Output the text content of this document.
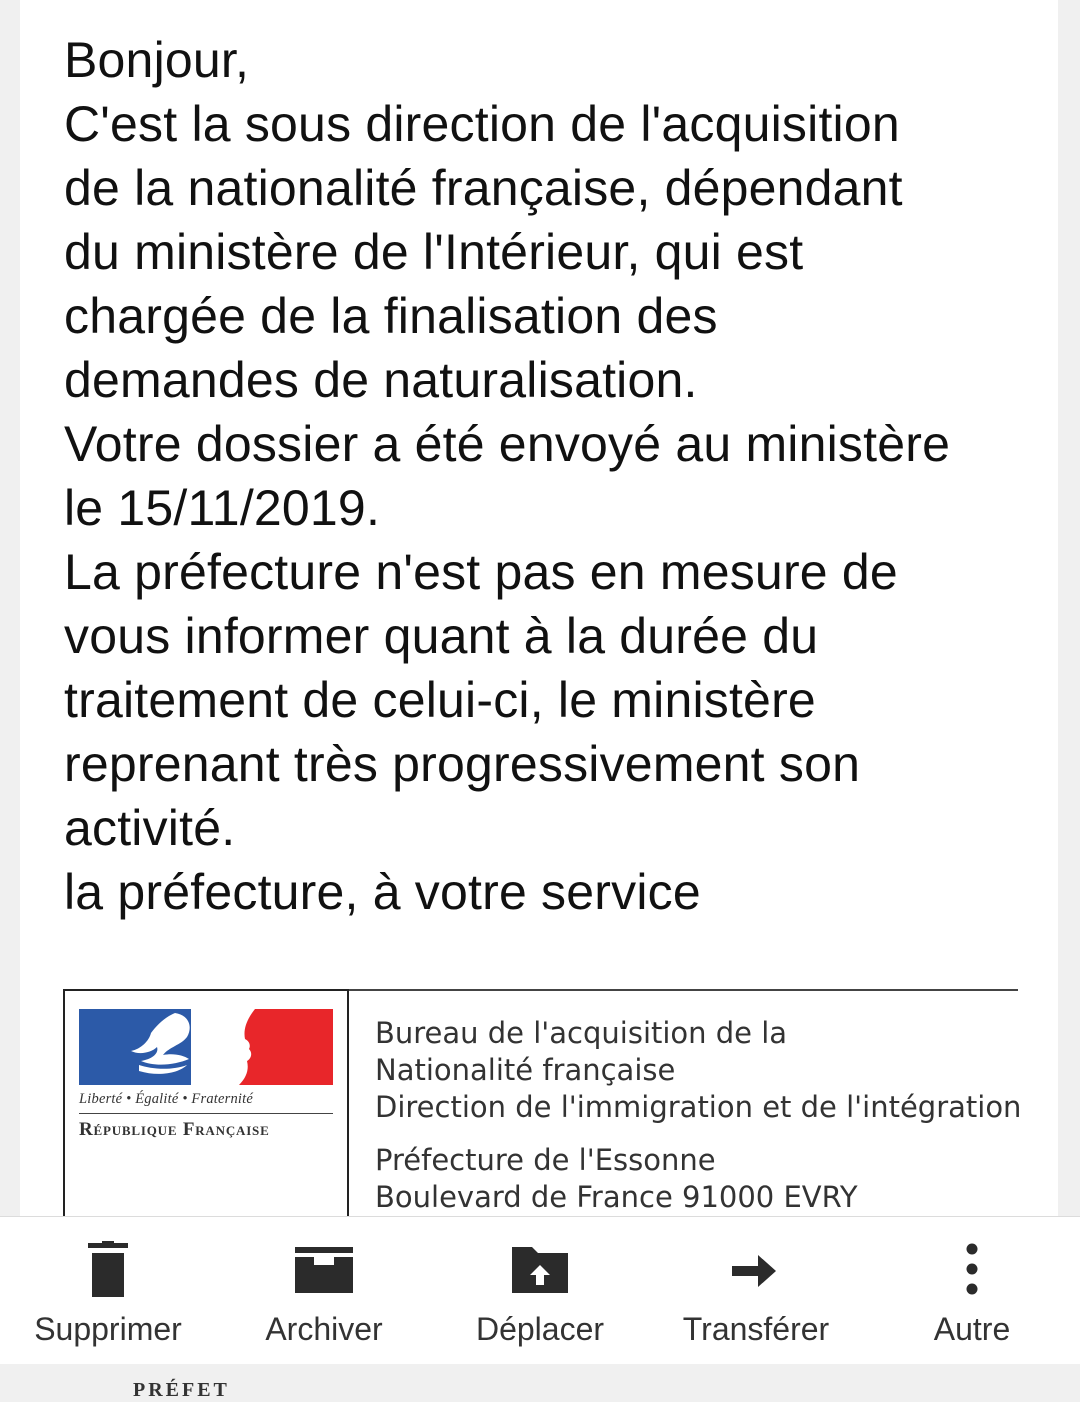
Bonjour,
C'est la sous direction de l'acquisition
de la nationalité française, dépendant
du ministère de l'Intérieur, qui est
chargée de la finalisation des
demandes de naturalisation.
Votre dossier a été envoyé au ministère
le 15/11/2019.
La préfecture n'est pas en mesure de
vous informer quant à la durée du
traitement de celui-ci, le ministère
reprenant très progressivement son
activité.
la préfecture, à votre service

Liberté • Égalité • Fraternité
République Française
PRÉFET
Bureau de l'acquisition de la
Nationalité française
Direction de l'immigration et de l'intégration
Préfecture de l'Essonne
Boulevard de France 91000 EVRY
Supprimer	Archiver	Déplacer	Transférer	Autre
